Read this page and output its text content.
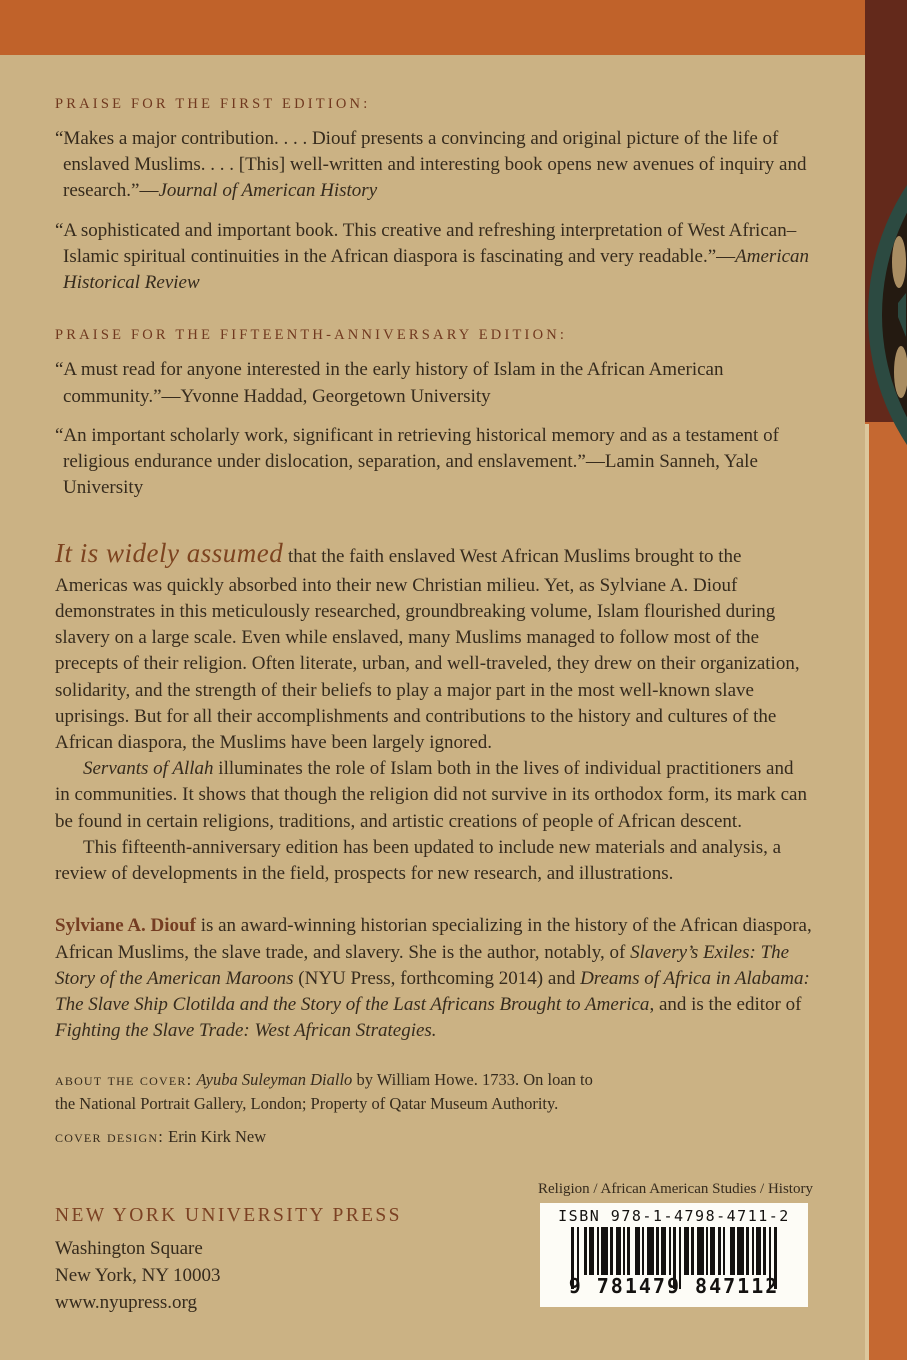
PRAISE FOR THE FIRST EDITION:

“Makes a major contribution. . . . Diouf presents a convincing and original picture of the life of enslaved Muslims. . . . [This] well-written and interesting book opens new avenues of inquiry and research.”—Journal of American History

“A sophisticated and important book. This creative and refreshing interpretation of West African–Islamic spiritual continuities in the African diaspora is fascinating and very readable.”—American Historical Review

PRAISE FOR THE FIFTEENTH-ANNIVERSARY EDITION:

“A must read for anyone interested in the early history of Islam in the African American community.”—Yvonne Haddad, Georgetown University

“An important scholarly work, significant in retrieving historical memory and as a testament of religious endurance under dislocation, separation, and enslavement.”—Lamin Sanneh, Yale University

It is widely assumed that the faith enslaved West African Muslims brought to the Americas was quickly absorbed into their new Christian milieu. Yet, as Sylviane A. Diouf demonstrates in this meticulously researched, groundbreaking volume, Islam flourished during slavery on a large scale. Even while enslaved, many Muslims managed to follow most of the precepts of their religion. Often literate, urban, and well-traveled, they drew on their organization, solidarity, and the strength of their beliefs to play a major part in the most well-known slave uprisings. But for all their accomplishments and contributions to the history and cultures of the African diaspora, the Muslims have been largely ignored.

Servants of Allah illuminates the role of Islam both in the lives of individual practitioners and in communities. It shows that though the religion did not survive in its orthodox form, its mark can be found in certain religions, traditions, and artistic creations of people of African descent.

This fifteenth-anniversary edition has been updated to include new materials and analysis, a review of developments in the field, prospects for new research, and illustrations.

Sylviane A. Diouf is an award-winning historian specializing in the history of the African diaspora, African Muslims, the slave trade, and slavery. She is the author, notably, of Slavery’s Exiles: The Story of the American Maroons (NYU Press, forthcoming 2014) and Dreams of Africa in Alabama: The Slave Ship Clotilda and the Story of the Last Africans Brought to America, and is the editor of Fighting the Slave Trade: West African Strategies.

about the cover: Ayuba Suleyman Diallo by William Howe. 1733. On loan to the National Portrait Gallery, London; Property of Qatar Museum Authority.

cover design: Erin Kirk New

NEW YORK UNIVERSITY PRESS
Washington Square
New York, NY 10003
www.nyupress.org
Religion / African American Studies / History
ISBN 978-1-4798-4711-2
9 781479 847112
